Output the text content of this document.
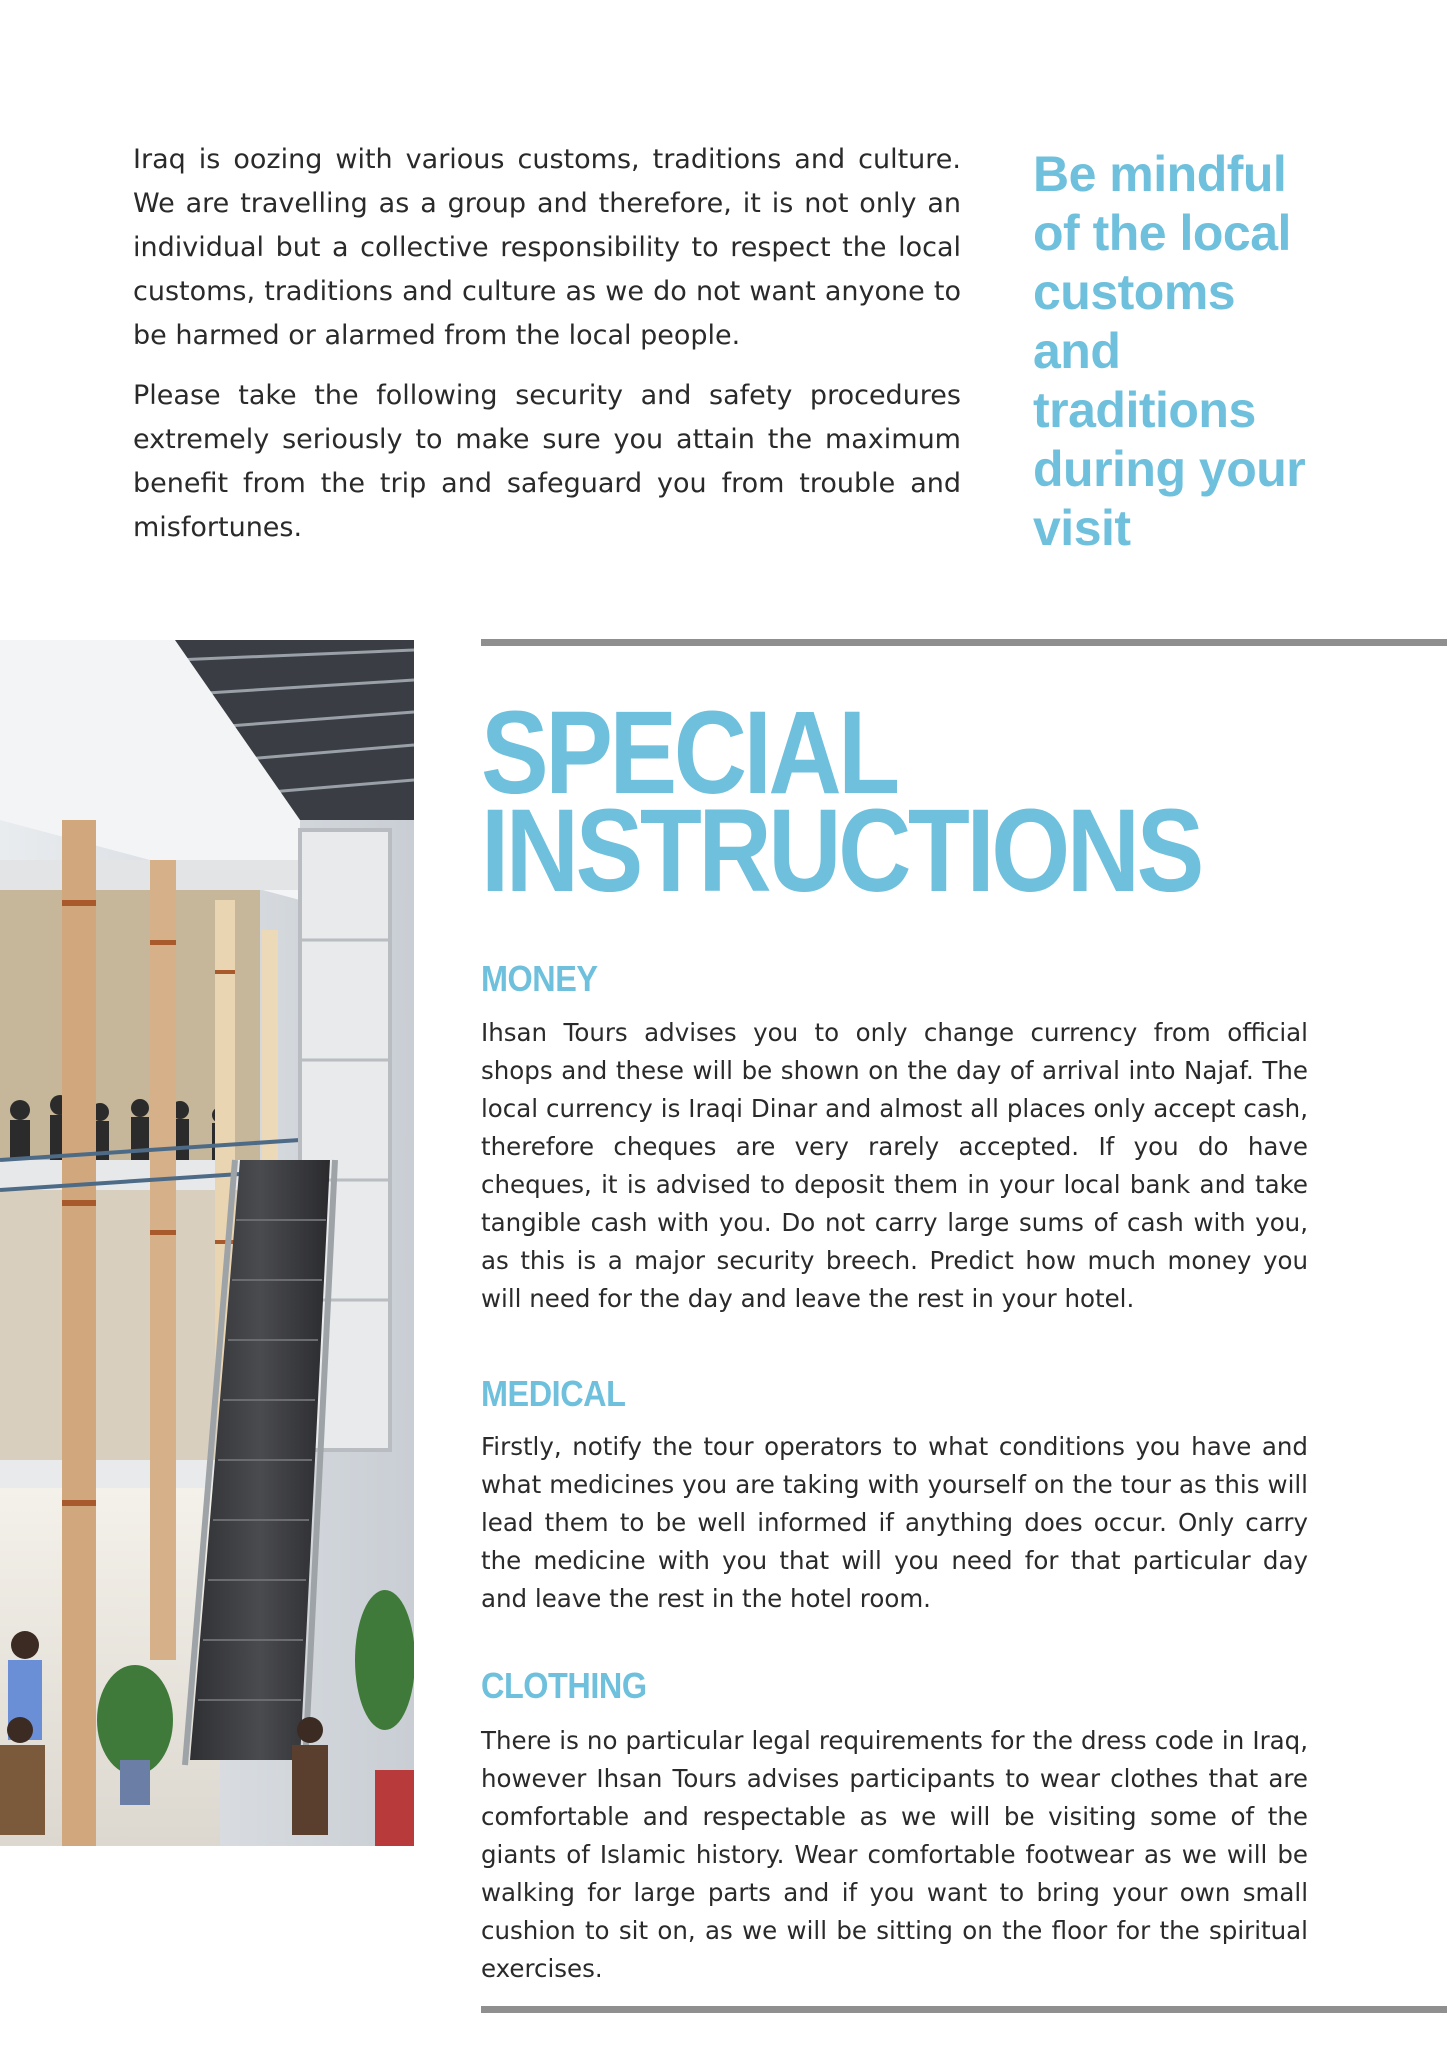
Iraq is oozing with various customs, traditions and culture. We are travelling as a group and therefore, it is not only an individual but a collective responsibility to respect the local customs, traditions and culture as we do not want anyone to be harmed or alarmed from the local people.

Please take the following security and safety procedures extremely seriously to make sure you attain the maximum benefit from the trip and safeguard you from trouble and misfortunes.

Be mindful of the local customs and traditions during your visit
SPECIAL
INSTRUCTIONS
MONEY

Ihsan Tours advises you to only change currency from official shops and these will be shown on the day of arrival into Najaf. The local currency is Iraqi Dinar and almost all places only accept cash, therefore cheques are very rarely accepted. If you do have cheques, it is advised to deposit them in your local bank and take tangible cash with you. Do not carry large sums of cash with you, as this is a major security breech. Predict how much money you will need for the day and leave the rest in your hotel.

MEDICAL

Firstly, notify the tour operators to what conditions you have and what medicines you are taking with yourself on the tour as this will lead them to be well informed if anything does occur. Only carry the medicine with you that will you need for that particular day and leave the rest in the hotel room.

CLOTHING

There is no particular legal requirements for the dress code in Iraq, however Ihsan Tours advises participants to wear clothes that are comfortable and respectable as we will be visiting some of the giants of Islamic history. Wear comfortable footwear as we will be walking for large parts and if you want to bring your own small cushion to sit on, as we will be sitting on the floor for the spiritual exercises.
